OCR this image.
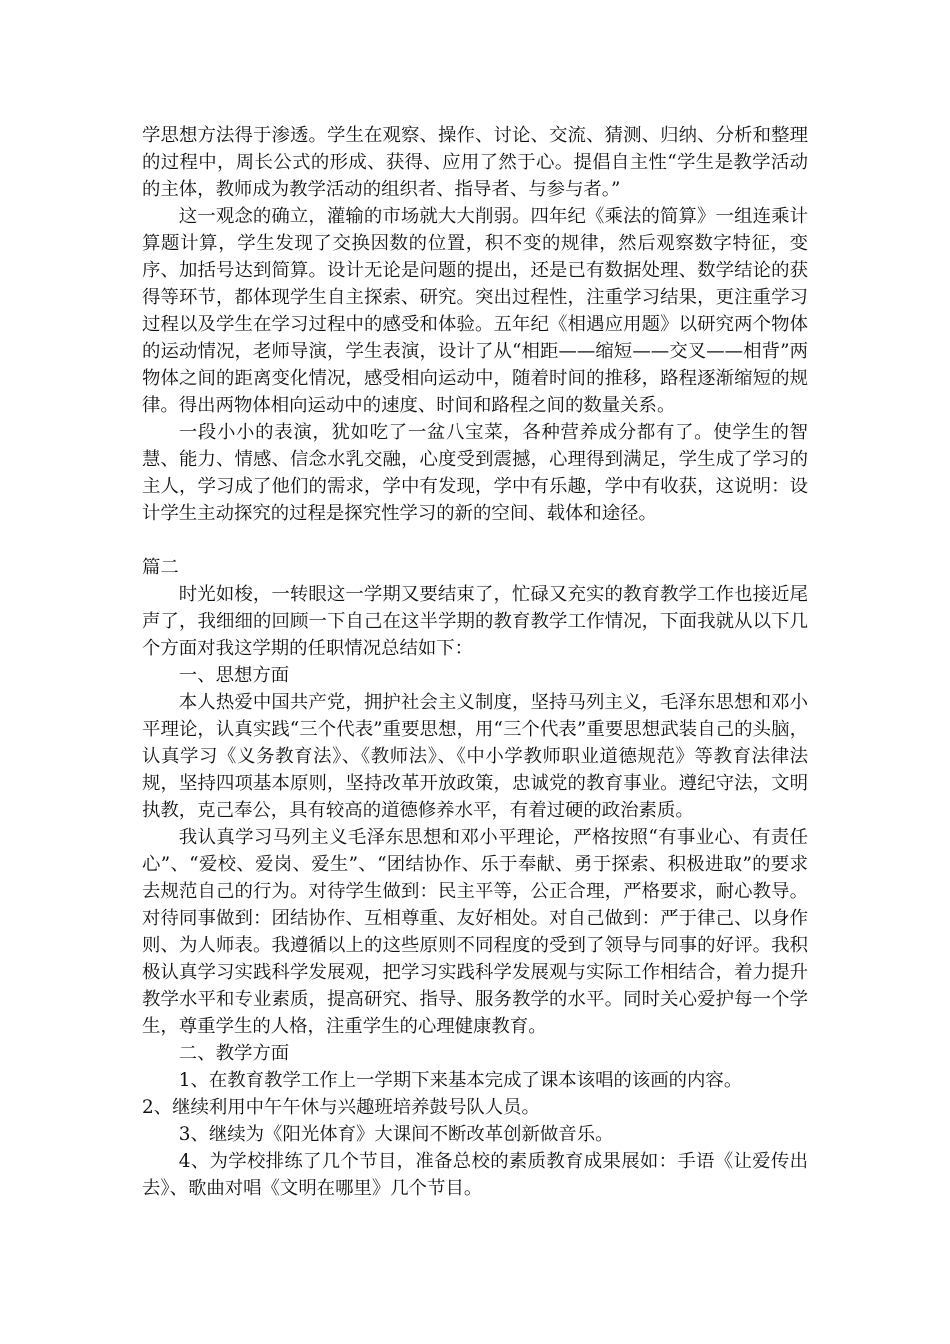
学思想方法得于渗透。学生在观察、操作、讨论、交流、猜测、归纳、分析和整理的过程中，周长公式的形成、获得、应用了然于心。提倡自主性“学生是教学活动的主体，教师成为教学活动的组织者、指导者、与参与者。”

这一观念的确立，灌输的市场就大大削弱。四年纪《乘法的简算》一组连乘计算题计算，学生发现了交换因数的位置，积不变的规律，然后观察数字特征，变序、加括号达到简算。设计无论是问题的提出，还是已有数据处理、数学结论的获得等环节，都体现学生自主探索、研究。突出过程性，注重学习结果，更注重学习过程以及学生在学习过程中的感受和体验。五年纪《相遇应用题》以研究两个物体的运动情况，老师导演，学生表演，设计了从“相距——缩短——交叉——相背”两物体之间的距离变化情况，感受相向运动中，随着时间的推移，路程逐渐缩短的规律。得出两物体相向运动中的速度、时间和路程之间的数量关系。

一段小小的表演，犹如吃了一盆八宝菜，各种营养成分都有了。使学生的智慧、能力、情感、信念水乳交融，心度受到震撼，心理得到满足，学生成了学习的主人，学习成了他们的需求，学中有发现，学中有乐趣，学中有收获，这说明：设计学生主动探究的过程是探究性学习的新的空间、载体和途径。

篇二

时光如梭，一转眼这一学期又要结束了，忙碌又充实的教育教学工作也接近尾声了，我细细的回顾一下自己在这半学期的教育教学工作情况，下面我就从以下几个方面对我这学期的任职情况总结如下：

一、思想方面

本人热爱中国共产党，拥护社会主义制度，坚持马列主义，毛泽东思想和邓小平理论，认真实践“三个代表”重要思想，用“三个代表”重要思想武装自己的头脑，认真学习《义务教育法》、《教师法》、《中小学教师职业道德规范》等教育法律法规，坚持四项基本原则，坚持改革开放政策，忠诚党的教育事业。遵纪守法，文明执教，克己奉公，具有较高的道德修养水平，有着过硬的政治素质。

我认真学习马列主义毛泽东思想和邓小平理论，严格按照“有事业心、有责任心”、“爱校、爱岗、爱生”、“团结协作、乐于奉献、勇于探索、积极进取”的要求去规范自己的行为。对待学生做到：民主平等，公正合理，严格要求，耐心教导。对待同事做到：团结协作、互相尊重、友好相处。对自己做到：严于律己、以身作则、为人师表。我遵循以上的这些原则不同程度的受到了领导与同事的好评。我积极认真学习实践科学发展观，把学习实践科学发展观与实际工作相结合，着力提升教学水平和专业素质，提高研究、指导、服务教学的水平。同时关心爱护每一个学生，尊重学生的人格，注重学生的心理健康教育。

二、教学方面

1、在教育教学工作上一学期下来基本完成了课本该唱的该画的内容。

2、继续利用中午午休与兴趣班培养鼓号队人员。

3、继续为《阳光体育》大课间不断改革创新做音乐。

4、为学校排练了几个节目，准备总校的素质教育成果展如：手语《让爱传出去》、歌曲对唱《文明在哪里》几个节目。
